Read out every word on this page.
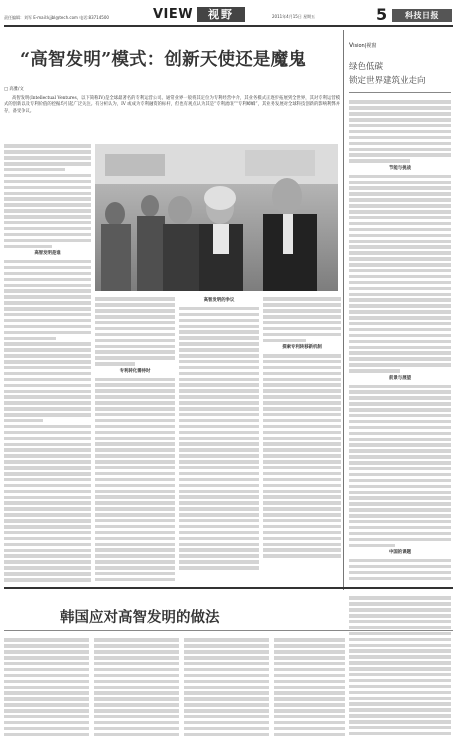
责任编辑：刘军 E-mail:kjjbl@tech.com 电话:83714500	VIEW	视野	2011年4月15日 星期五	5	科技日报
“高智发明”模式：创新天使还是魔鬼
□ 高雅/文
高智发明(Intellectual Ventures，以下简称IV)是全球最著名的专利运营公司。通常业界一般将其定位为专利经营中介，其业务模式正逐步拓展到全世界，其对专利运营模式的创新以及专利价值的挖掘均引起广泛关注。有分析认为，IV 或成为专利融资的标杆，但也有观点认为其是“专利流氓”“专利蟑螂”，其业务发展对全球科技创新的影响利弊并存，备受争议。
高智发明是谁
专利转化需待时
高智发明的争议
探索专利转移新机制
Vision|视窗
绿色低碳
锁定世界建筑业走向
节能与挑战
前景与展望
中国的课题
韩国应对高智发明的做法
